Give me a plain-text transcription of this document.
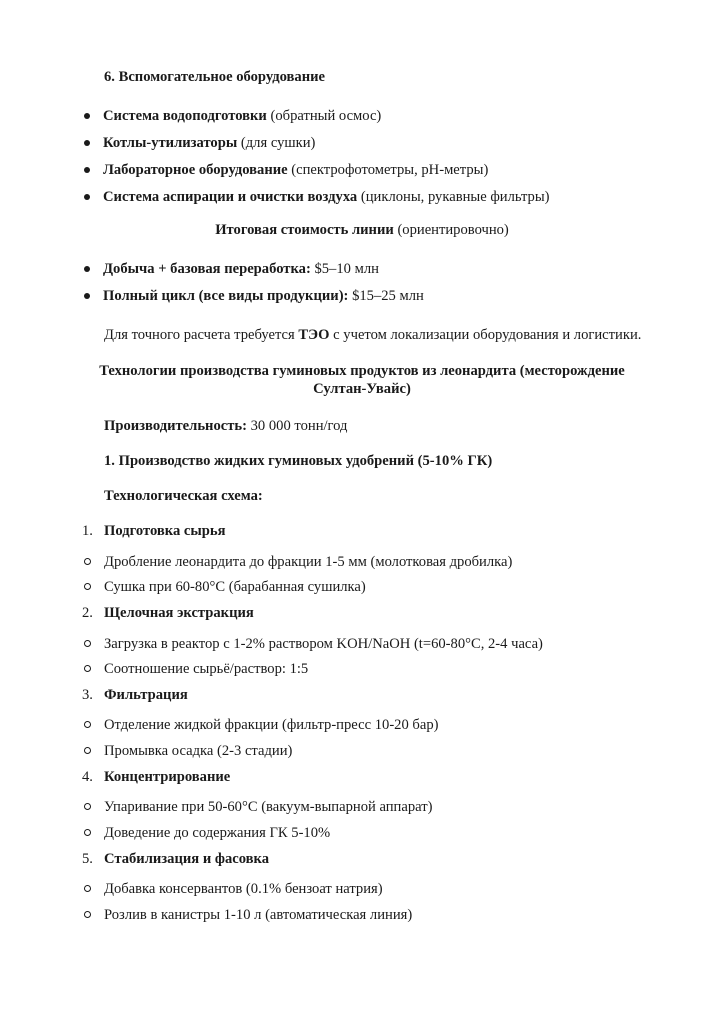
6. Вспомогательное оборудование
Система водоподготовки (обратный осмос)
Котлы-утилизаторы (для сушки)
Лабораторное оборудование (спектрофотометры, pH-метры)
Система аспирации и очистки воздуха (циклоны, рукавные фильтры)
Итоговая стоимость линии (ориентировочно)
Добыча + базовая переработка: $5–10 млн
Полный цикл (все виды продукции): $15–25 млн
Для точного расчета требуется ТЭО с учетом локализации оборудования и логистики.
Технологии производства гуминовых продуктов из леонардита (месторождение
Султан-Увайс)
Производительность: 30 000 тонн/год
1. Производство жидких гуминовых удобрений (5-10% ГК)
Технологическая схема:
1. Подготовка сырья
Дробление леонардита до фракции 1-5 мм (молотковая дробилка)
Сушка при 60-80°C (барабанная сушилка)
2. Щелочная экстракция
Загрузка в реактор с 1-2% раствором KOH/NaOH (t=60-80°C, 2-4 часа)
Соотношение сырьё/раствор: 1:5
3. Фильтрация
Отделение жидкой фракции (фильтр-пресс 10-20 бар)
Промывка осадка (2-3 стадии)
4. Концентрирование
Упаривание при 50-60°C (вакуум-выпарной аппарат)
Доведение до содержания ГК 5-10%
5. Стабилизация и фасовка
Добавка консервантов (0.1% бензоат натрия)
Розлив в канистры 1-10 л (автоматическая линия)
